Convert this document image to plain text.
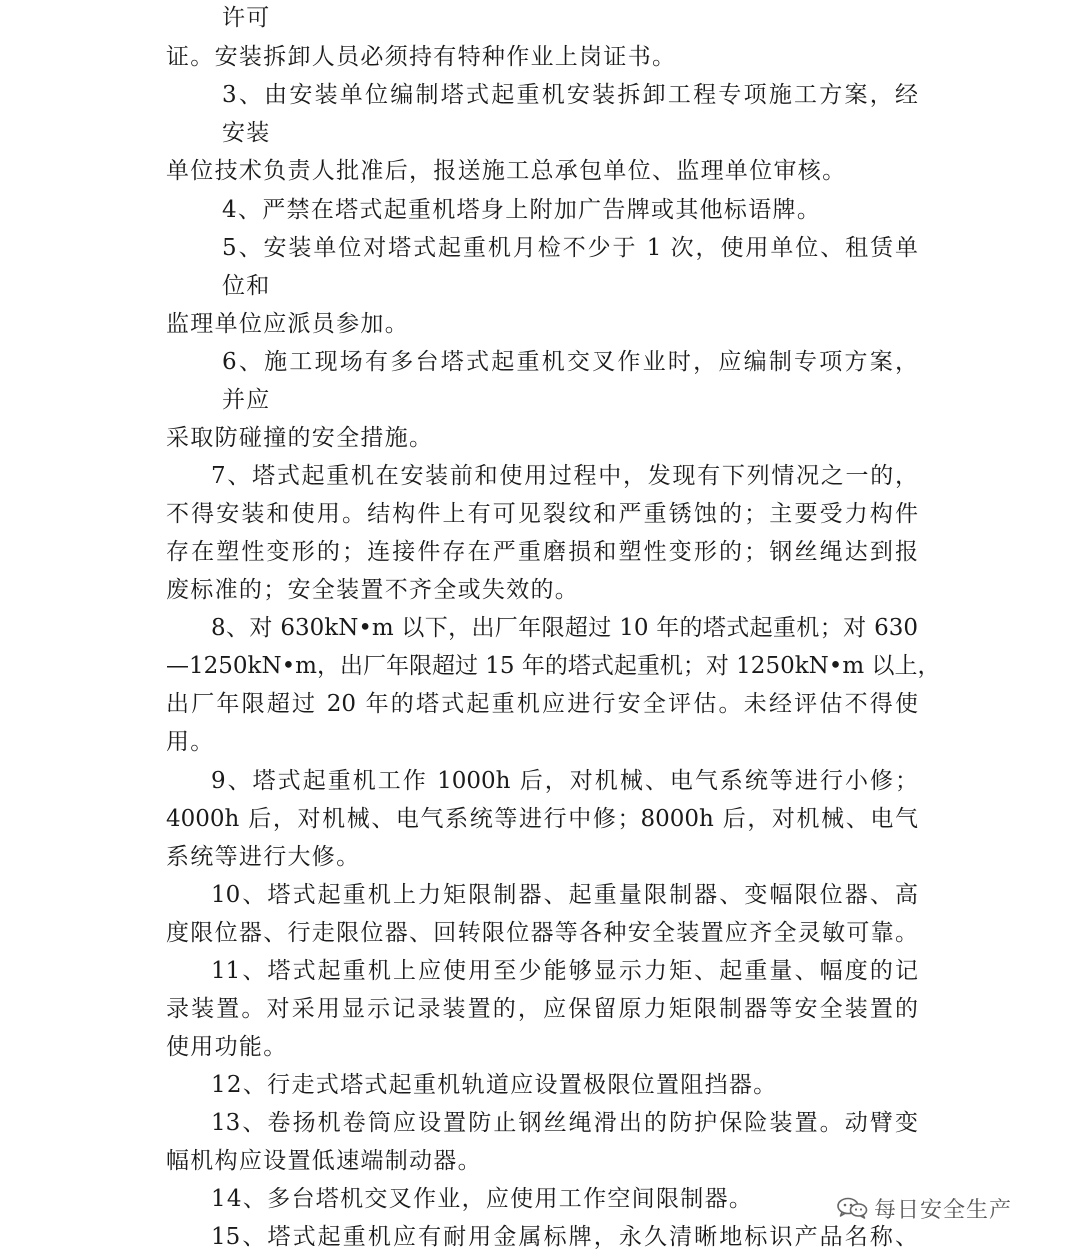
许可
证。安装拆卸人员必须持有特种作业上岗证书。
3、由安装单位编制塔式起重机安装拆卸工程专项施工方案，经
安装
单位技术负责人批准后，报送施工总承包单位、监理单位审核。
4、严禁在塔式起重机塔身上附加广告牌或其他标语牌。
5、安装单位对塔式起重机月检不少于 1 次，使用单位、租赁单
位和
监理单位应派员参加。
6、施工现场有多台塔式起重机交叉作业时，应编制专项方案，
并应
采取防碰撞的安全措施。
7、塔式起重机在安装前和使用过程中，发现有下列情况之一的，
不得安装和使用。结构件上有可见裂纹和严重锈蚀的；主要受力构件
存在塑性变形的；连接件存在严重磨损和塑性变形的；钢丝绳达到报
废标准的；安全装置不齐全或失效的。
8、对 630kN•m 以下，出厂年限超过 10 年的塔式起重机；对 630
—1250kN•m，出厂年限超过 15 年的塔式起重机；对 1250kN•m 以上，
出厂年限超过 20 年的塔式起重机应进行安全评估。未经评估不得使
用。
9、塔式起重机工作 1000h 后，对机械、电气系统等进行小修；
4000h 后，对机械、电气系统等进行中修；8000h 后，对机械、电气
系统等进行大修。
10、塔式起重机上力矩限制器、起重量限制器、变幅限位器、高
度限位器、行走限位器、回转限位器等各种安全装置应齐全灵敏可靠。
11、塔式起重机上应使用至少能够显示力矩、起重量、幅度的记
录装置。对采用显示记录装置的，应保留原力矩限制器等安全装置的
使用功能。
12、行走式塔式起重机轨道应设置极限位置阻挡器。
13、卷扬机卷筒应设置防止钢丝绳滑出的防护保险装置。动臂变
幅机构应设置低速端制动器。
14、多台塔机交叉作业，应使用工作空间限制器。
15、塔式起重机应有耐用金属标牌，永久清晰地标识产品名称、
每日安全生产
